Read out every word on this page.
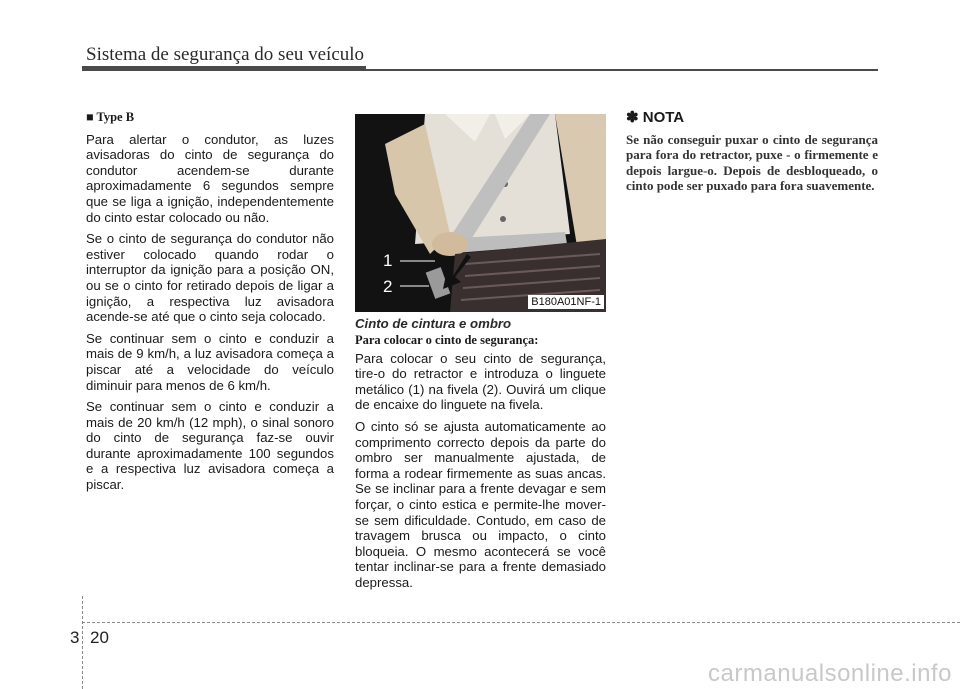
Sistema de segurança do seu veículo

■ Type B

Para alertar o condutor, as luzes avisadoras do cinto de segurança do condutor acendem-se durante aproximadamente 6 segundos sempre que se liga a ignição, independentemente do cinto estar colocado ou não.

Se o cinto de segurança do condutor não estiver colocado quando rodar o interruptor da ignição para a posição ON, ou se o cinto for retirado depois de ligar a ignição, a respectiva luz avisadora acende-se até que o cinto seja colocado.

Se continuar sem o cinto e conduzir a mais de 9 km/h, a luz avisadora começa a piscar até a velocidade do veículo diminuir para menos de 6 km/h.

Se continuar sem o cinto e conduzir a mais de 20 km/h (12 mph), o sinal sonoro do cinto de segurança faz-se ouvir durante aproximadamente 100 segundos e a respectiva luz avisadora começa a piscar.

1
2
B180A01NF-1
Cinto de cintura e ombro

Para colocar o cinto de segurança:

Para colocar o seu cinto de segurança, tire-o do retractor e introduza o linguete metálico (1) na fivela (2). Ouvirá um clique de encaixe do linguete na fivela.

O cinto só se ajusta automaticamente ao comprimento correcto depois da parte do ombro ser manualmente ajustada, de forma a rodear firmemente as suas ancas. Se se inclinar para a frente devagar e sem forçar, o cinto estica e permite-lhe mover-se sem dificuldade. Contudo, em caso de travagem brusca ou impacto, o cinto bloqueia. O mesmo acontecerá se você tentar inclinar-se para a frente demasiado depressa.

✽ NOTA
Se não conseguir puxar o cinto de segurança para fora do retractor, puxe - o firmemente e depois largue-o. Depois de desbloqueado, o cinto pode ser puxado para fora suavemente.
3 20
carmanualsonline.info
